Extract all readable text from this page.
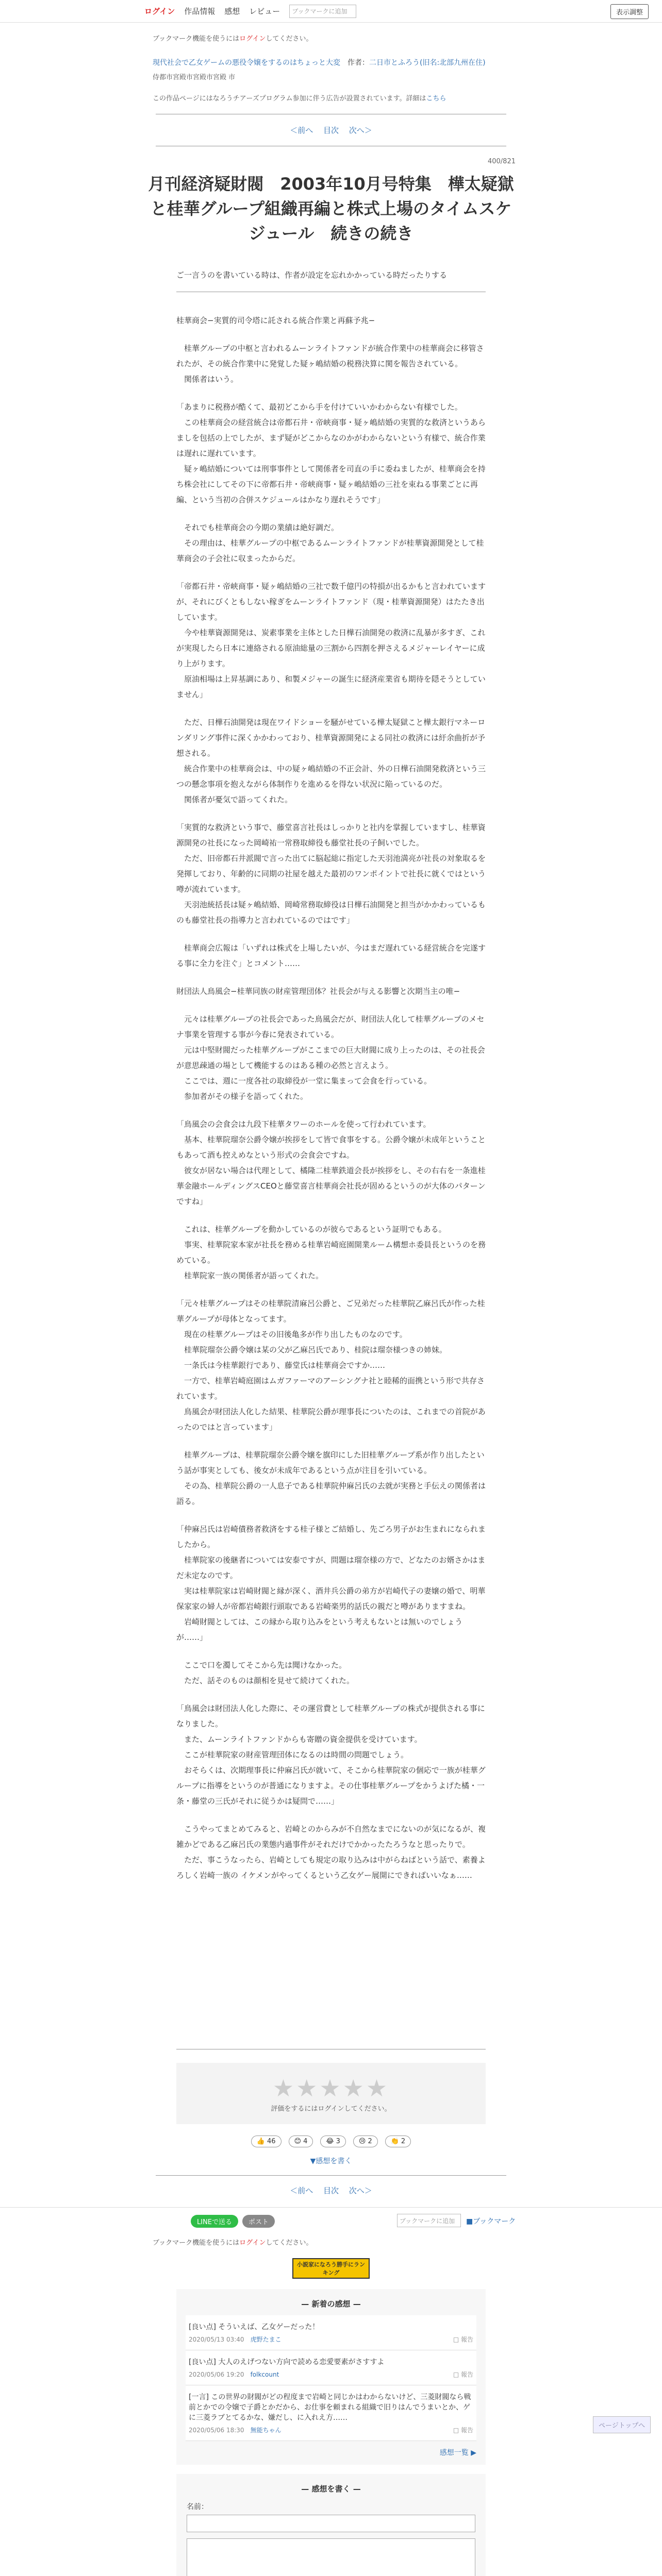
ログイン 作品情報 感想 レビュー	ブックマークに追加	表示調整
ブックマーク機能を使うにはログインしてください。
現代社会で乙女ゲームの悪役令嬢をするのはちょっと大変　 作者：二日市とふろう(旧名:北部九州在住)
侍都市宮殿市宮殿市宮殿 市
この作品ページにはなろうチアーズプログラム参加に伴う広告が設置されています。詳細はこちら
＜前へ　 目次　 次へ＞
400/821
月刊経済疑財閥　2003年10月号特集　樺太疑獄と桂華グループ組織再編と株式上場のタイムスケジュール　続きの続き
ご一言うのを書いている時は、作者が設定を忘れかかっている時だったりする

桂華商会−実質的司令塔に託される統合作業と再蘇予兆−

　桂華グループの中枢と言われるムーンライトファンドが統合作業中の桂華商会に移管されたが、その統合作業中に発覚した疑ヶ嶋結婚の税務決算に関を報告されている。
　関係者はいう。

「あまりに税務が酷くて、最初どこから手を付けていいかわからない有様でした。
　この桂華商会の経営統合は帝都石井・帝峡商事・疑ヶ嶋結婚の実質的な救済というあらましを包括の上でしたが、まず疑がどこからなのかがわからないという有様で、統合作業は遅れに遅れています。
　疑ヶ嶋結婚については刑事事件として関係者を司直の手に委ねましたが、桂華商会を持ち株会社にしてその下に帝都石井・帝峡商事・疑ヶ嶋結婚の三社を束ねる事業ごとに再編、という当初の合併スケジュールはかなり遅れそうです」

　それでも桂華商会の今期の業績は絶好調だ。
　その理由は、桂華グループの中枢であるムーンライトファンドが桂華資源開発として桂華商会の子会社に収まったからだ。

「帝都石井・帝峡商事・疑ヶ嶋結婚の三社で数千億円の特損が出るかもと言われていますが、それにびくともしない稼ぎをムーンライトファンド（現・桂華資源開発）はたたき出しています。
　今や桂華資源開発は、炭素事業を主体とした日樺石油開発の救済に乱暴が多すぎ、これが実現したら日本に連絡される原油総量の三割から四割を押さえるメジャーレイヤーに成り上がります。
　原油相場は上昇基調にあり、和製メジャーの誕生に経済産業省も期待を隠そうとしていません」

　ただ、日樺石油開発は現在ワイドショーを騒がせている樺太疑獄こと樺太銀行マネーロンダリング事件に深くかかわっており、桂華資源開発による同社の救済には紆余曲折が予想される。
　統合作業中の桂華商会は、中の疑ヶ嶋結婚の不正会計、外の日樺石油開発救済という三つの懸念事項を抱えながら体制作りを進めるを得ない状況に陥っているのだ。
　関係者が憂気で語ってくれた。

「実質的な救済という事で、藤堂喜言社長はしっかりと社内を掌握していますし、桂華資源開発の社長になった岡崎祐一常務取締役も藤堂社長の子飼いでした。
　ただ、旧帝都石井派閥で言った出てに脳起総に指定した天羽池満亮が社長の対象取るを発揮しており、年齢的に同期の社屋を越えた最初のワンポイントで社長に就くではという噂が流れています。
　天羽池統括長は疑ヶ嶋結婚、岡崎常務取締役は日樺石油開発と担当がかかわっているものも藤堂社長の指導力と言われているのではです」

　桂華商会広報は「いずれは株式を上場したいが、今はまだ遅れている経営統合を完遂する事に全力を注ぐ」とコメント……

財団法人鳥風会−桂華同族の財産管理団体？社長会が与える影響と次期当主の唯−

　元々は桂華グループの社長会であった鳥風会だが、財団法人化して桂華グループのメセナ事業を管理する事が今春に発表されている。
　元は中堅財閥だった桂華グループがここまでの巨大財閥に成り上ったのは、その社長会が意思疎通の場として機能するのはある種の必然と言えよう。
　ここでは、週に一度各社の取締役が一堂に集まって会食を行っている。
　参加者がその様子を語ってくれた。

「鳥風会の会食会は九段下桂華タワーのホールを使って行われています。
　基本、桂華院瑠奈公爵令嬢が挨拶をして皆で食事をする。公爵令嬢が未成年ということもあって酒も控えめなという形式の会食会ですね。
　彼女が居ない場合は代理として、橘隆二桂華鉄道会長が挨拶をし、その右右を一条進桂華金融ホールディングスCEOと藤堂喜言桂華商会社長が固めるというのが大体のパターンですね」

　これは、桂華グループを動かしているのが彼らであるという証明でもある。
　事実、桂華院家本家が社長を務める桂華岩崎庭園開業ルーム構想ホ委員長というのを務めている。
　桂華院家一族の関係者が語ってくれた。

「元々桂華グループはその桂華院清麻呂公爵と、ご兄弟だった桂華院乙麻呂氏が作った桂華グループが母体となってます。
　現在の桂華グループはその旧後亀多が作り出したものなのです。
　桂華院瑠奈公爵令嬢は某の父が乙麻呂氏であり、桂院は瑠奈様つきの姉妹。
　一条氏は今桂華銀行であり、藤堂氏は桂華商会ですか……
　一方で、桂華岩崎庭園はムガファーマのアーシングナ社と睦稀的面携という形で共存されています。
　鳥風会が財団法人化した結果、桂華院公爵が理事長についたのは、これまでの首院があったのではと言っています」

　桂華グループは、桂華院瑠奈公爵令嬢を旗印にした旧桂華グループ系が作り出したという話が事実としても、後女が未成年であるという点が注目を引いている。
　その為、桂華院公爵の一人息子である桂華院仲麻呂氏の去就が実務と手伝えの関係者は語る。

「仲麻呂氏は岩崎債務者救済をする桂子様とご結婚し、先ごろ男子がお生まれになられましたから。
　桂華院家の後継者については安泰ですが、問題は瑠奈様の方で、どなたのお婿さかはまだ未定なのです。
　実は桂華院家は岩崎財閥と縁が深く、酒井兵公爵の弟方が岩崎代子の妻嬢の婚で、明華保家家の婦人が帝都岩崎銀行頭取である岩崎楽男的話氏の親だと噂がありますまね。
　岩崎財閥としては、この縁から取り込みをという考えもないとは無いのでしょうが……」

　ここで口を濁してそこから先は聞けなかった。
　ただ、話そのものは顔相を見せて続けてくれた。

「鳥風会は財団法人化した際に、その運営費として桂華グループの株式が提供される事になりました。
　また、ムーンライトファンドからも寄贈の資金提供を受けています。
　ここが桂華院家の財産管理団体になるのは時間の問題でしょう。
　おそらくは、次期理事長に仲麻呂氏が就いて、そこから桂華院家の個応で一族が桂華グループに指導をというのが普通になりますよ。その仕事桂華グループをかうよげた橘・一条・藤堂の三氏がそれに従うかは疑問で……」

　こうやってまとめてみると、岩崎とのからみが不自然なまでにないのが気になるが、複雑かどである乙麻呂氏の業態内過事件がそれだけでかかったたろうなと思ったりで。
　ただ、事こうなったら、岩崎としても規定の取り込みは中がらねばという話で、素養よろしく岩崎一族の イケメンがやってくるという乙女ゲー展開にできればいいなぁ……

★★★★★
評価をするにはログインしてください。
👍 46	😊 4	😂 3	😢 2	👏 2
▼感想を書く
＜前へ　 目次　 次へ＞
LINEで送る	ポスト	ブックマークに追加	■ブックマーク
ブックマーク機能を使うにはログインしてください。
小説家になろう勝手にランキング
— 新着の感想 —
[良い点] そういえば、乙女ゲーだった！
2020/05/13 03:40　 虎野たまこ	□ 報告
[良い点] 大人のえげつない方向で読める恋愛要素がさすすよ
2020/05/06 19:20　 folkcount	□ 報告
[一言] この世界の財閥がどの程度まで岩崎と同じかはわからないけど、三菱財閥なら戦前とかでの令嬢で子爵とかだから、お仕事を頼まれる組織で旧りはんでうまいとか、ゲに三菱ラブとてるかな、嫌だし、に入れえ方……
2020/05/06 18:30　 無能ちゃん	□ 報告
感想一覧 ▶
— 感想を書く —
名前：
ページトップへ
